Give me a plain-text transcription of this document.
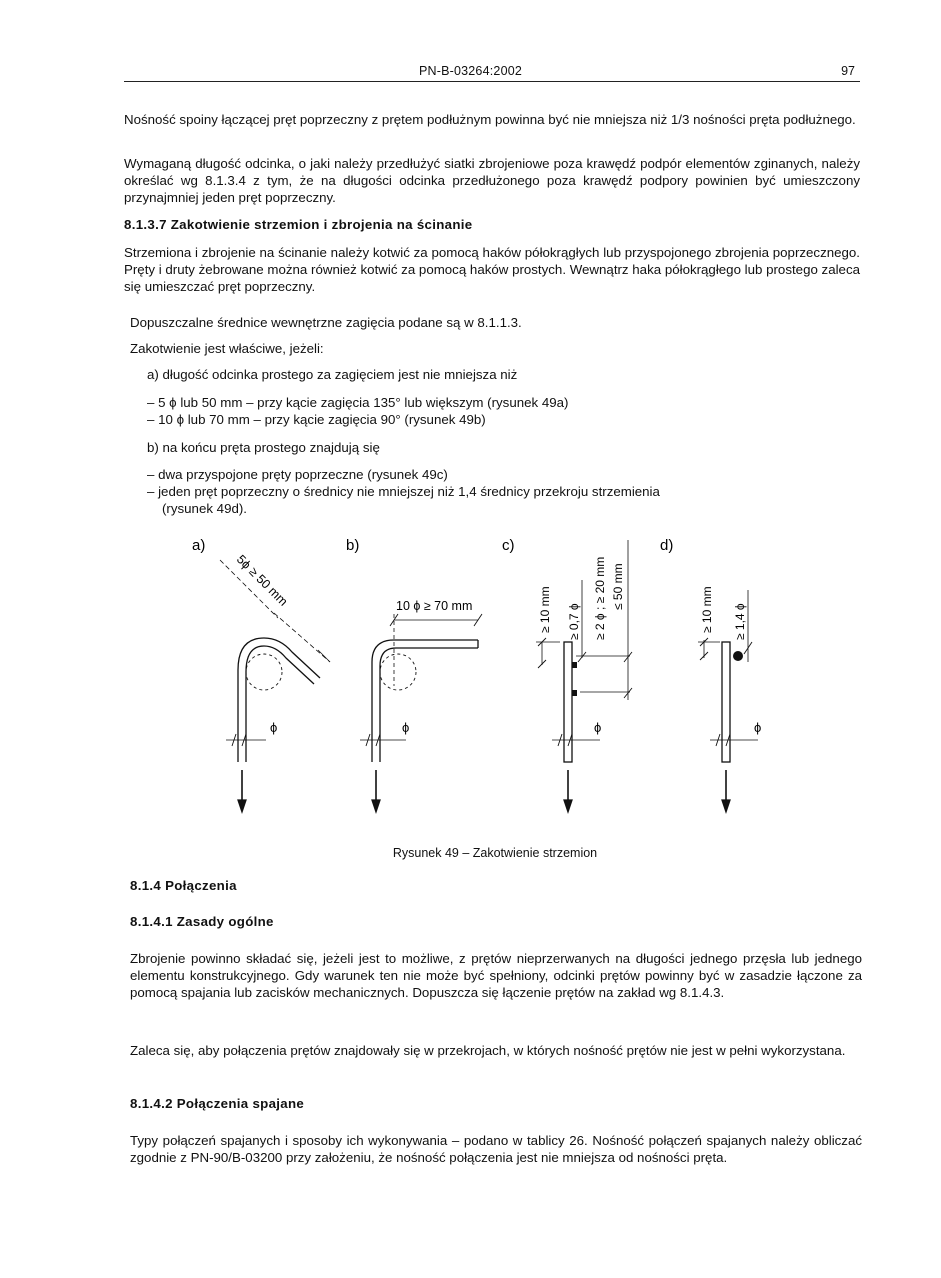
PN-B-03264:2002	97
Nośność spoiny łączącej pręt poprzeczny z prętem podłużnym powinna być nie mniejsza niż 1/3 nośności pręta podłużnego.
Wymaganą długość odcinka, o jaki należy przedłużyć siatki zbrojeniowe poza krawędź podpór elementów zginanych, należy określać wg 8.1.3.4 z tym, że na długości odcinka przedłużonego poza krawędź podpory powinien być umieszczony przynajmniej jeden pręt poprzeczny.
8.1.3.7 Zakotwienie strzemion i zbrojenia na ścinanie
Strzemiona i zbrojenie na ścinanie należy kotwić za pomocą haków półokrągłych lub przyspojonego zbrojenia poprzecznego. Pręty i druty żebrowane można również kotwić za pomocą haków prostych. Wewnątrz haka półokrągłego lub prostego zaleca się umieszczać pręt poprzeczny.
Dopuszczalne średnice wewnętrzne zagięcia podane są w 8.1.1.3.
Zakotwienie jest właściwe, jeżeli:
a) długość odcinka prostego za zagięciem jest nie mniejsza niż
– 5 ϕ lub 50 mm – przy kącie zagięcia 135° lub większym (rysunek 49a)
– 10 ϕ lub 70 mm – przy kącie zagięcia 90° (rysunek 49b)
b) na końcu pręta prostego znajdują się
– dwa przyspojone pręty poprzeczne (rysunek 49c)
– jeden pręt poprzeczny o średnicy nie mniejszej niż 1,4 średnicy przekroju strzemienia
(rysunek 49d).
a)	b)	c)	d)
5ϕ ≥ 50 mm	10 ϕ ≥ 70 mm	≥ 10 mm ≥ 0,7 ϕ ≥ 2 ϕ ; ≥ 20 mm ≤ 50 mm	≥ 10 mm ≥ 1,4 ϕ
ϕ	ϕ	ϕ	ϕ
Rysunek 49 – Zakotwienie strzemion
8.1.4 Połączenia
8.1.4.1 Zasady ogólne
Zbrojenie powinno składać się, jeżeli jest to możliwe, z prętów nieprzerwanych na długości jednego przęsła lub jednego elementu konstrukcyjnego. Gdy warunek ten nie może być spełniony, odcinki prętów powinny być w zasadzie łączone za pomocą spajania lub zacisków mechanicznych. Dopuszcza się łączenie prętów na zakład wg 8.1.4.3.
Zaleca się, aby połączenia prętów znajdowały się w przekrojach, w których nośność prętów nie jest w pełni wykorzystana.
8.1.4.2 Połączenia spajane
Typy połączeń spajanych i sposoby ich wykonywania – podano w tablicy 26. Nośność połączeń spajanych należy obliczać zgodnie z PN-90/B-03200 przy założeniu, że nośność połączenia jest nie mniejsza od nośności pręta.
